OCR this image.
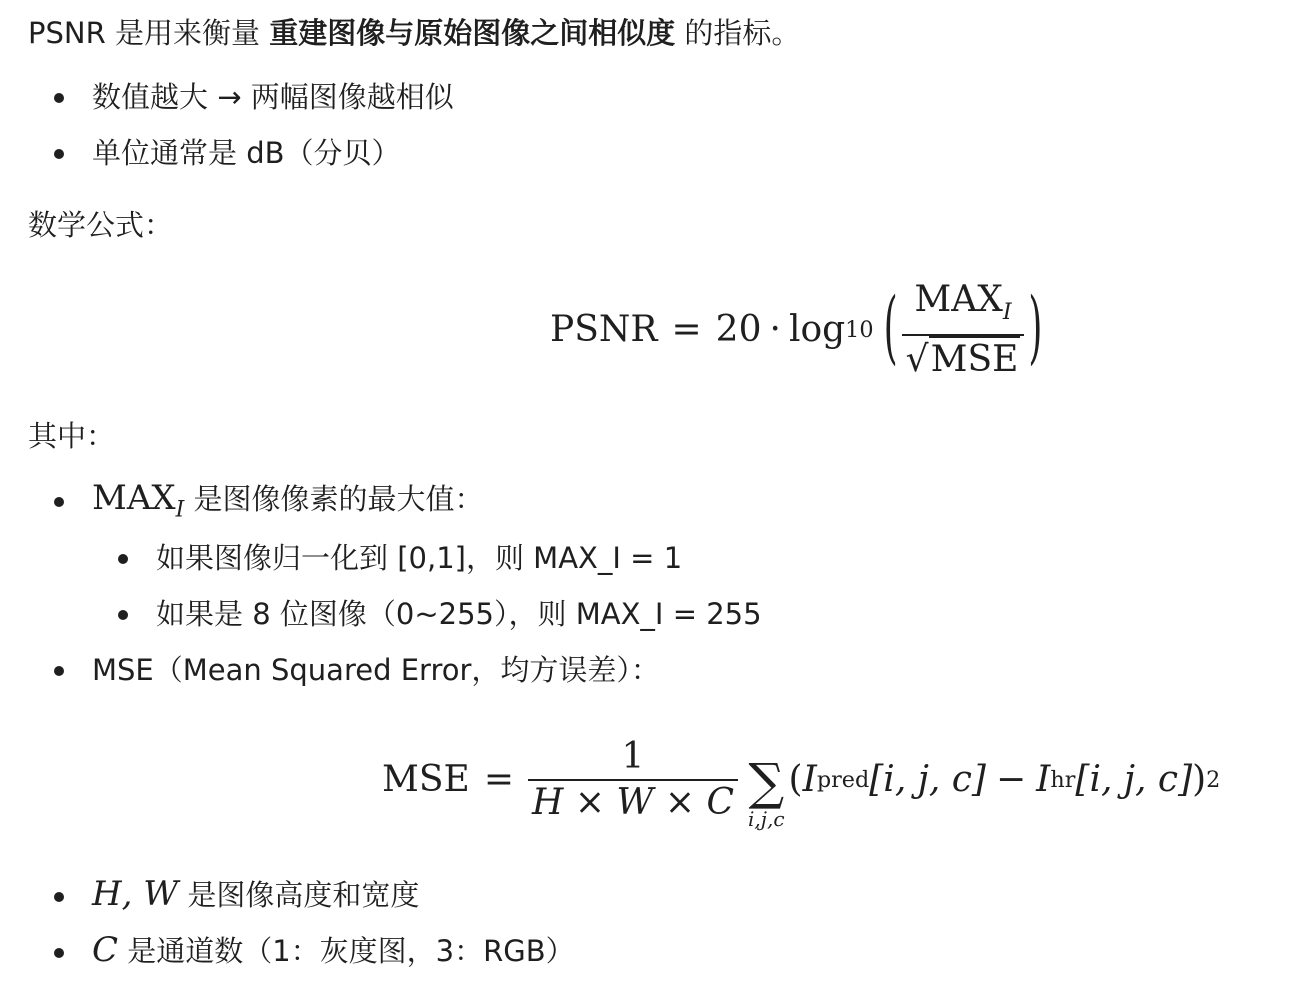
PSNR 是用来衡量 重建图像与原始图像之间相似度 的指标。
数值越大 → 两幅图像越相似
单位通常是 dB（分贝）
数学公式：
PSNR = 20 · log 10 ( $\frac{MAX_I}{\text{√ MSE}}$ )
其中：
$MAX_I$ 是图像像素的最大值：
如果图像归一化到 [0,1]，则 MAX_I = 1
如果是 8 位图像（0~255），则 MAX_I = 255
MSE（Mean Squared Error，均方误差）：
MSE = $\frac{1}{H \times W \times C}$ ∑
i,j,c
( I pred [i, j, c] − I hr [i, j, c] ) 2
H, W 是图像高度和宽度
C 是通道数（1：灰度图，3：RGB）
